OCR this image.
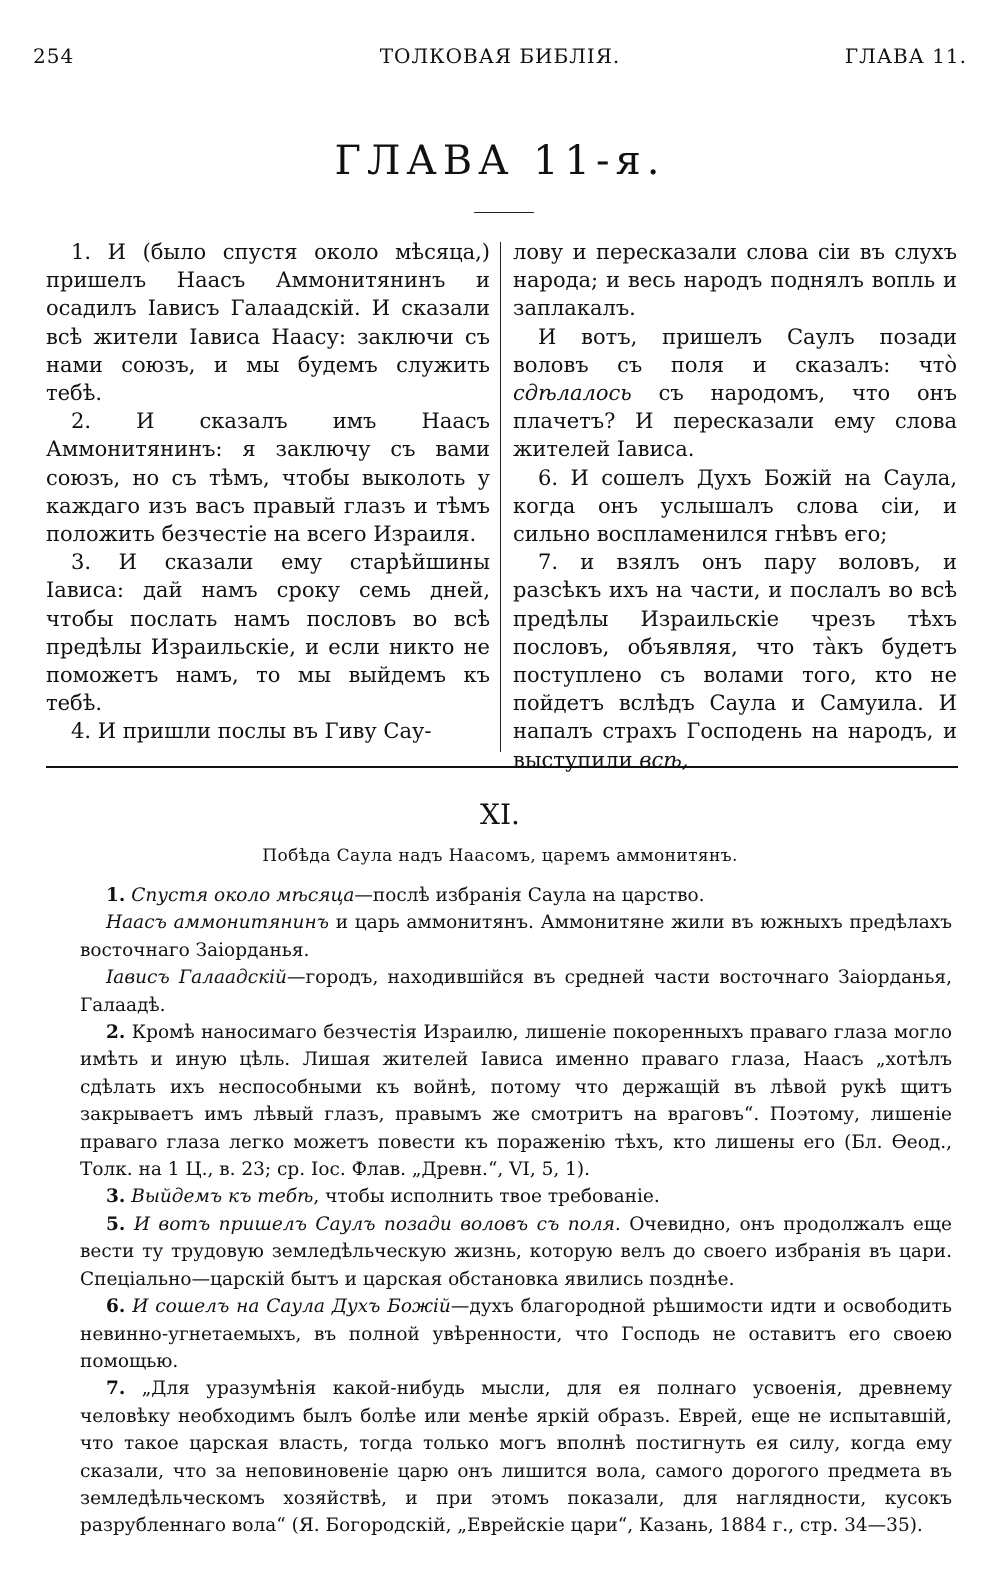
254	ТОЛКОВАЯ БИБЛІЯ.	ГЛАВА 11.
ГЛАВА 11-я.

1. И (было спустя около мѣсяца,) пришелъ Наасъ Аммонитянинъ и осадилъ Іависъ Галаадскій. И сказали всѣ жители Іависа Наасу: заключи съ нами союзъ, и мы будемъ служить тебѣ.

2. И сказалъ имъ Наасъ Аммонитянинъ: я заключу съ вами союзъ, но съ тѣмъ, чтобы выколоть у каждаго изъ васъ правый глазъ и тѣмъ положить безчестіе на всего Израиля.

3. И сказали ему старѣйшины Іависа: дай намъ сроку семь дней, чтобы послать намъ пословъ во всѣ предѣлы Израильскіе, и если никто не поможетъ намъ, то мы выйдемъ къ тебѣ.

4. И пришли послы въ Гиву Сау-

лову и пересказали слова сіи въ слухъ народа; и весь народъ поднялъ вопль и заплакалъ.

И вотъ, пришелъ Саулъ позади воловъ съ поля и сказалъ: что̀ сдѣлалось съ народомъ, что онъ плачетъ? И пересказали ему слова жителей Іависа.

6. И сошелъ Духъ Божій на Саула, когда онъ услышалъ слова сіи, и сильно воспламенился гнѣвъ его;

7. и взялъ онъ пару воловъ, и разсѣкъ ихъ на части, и послалъ во всѣ предѣлы Израильскіе чрезъ тѣхъ пословъ, объявляя, что та̀къ будетъ поступлено съ волами того, кто не пойдетъ вслѣдъ Саула и Самуила. И напалъ страхъ Господень на народъ, и выступили всѣ,

XI.
Побѣда Саула надъ Наасомъ, царемъ аммонитянъ.

1. Спустя около мѣсяца—послѣ избранія Саула на царство.

Наасъ аммонитянинъ и царь аммонитянъ. Аммонитяне жили въ южныхъ предѣлахъ восточнаго Заіорданья.

Іависъ Галаадскій—городъ, находившійся въ средней части восточнаго Заіорданья, Галаадѣ.

2. Кромѣ наносимаго безчестія Израилю, лишеніе покоренныхъ праваго глаза могло имѣть и иную цѣль. Лишая жителей Іависа именно праваго глаза, Наасъ „хотѣлъ сдѣлать ихъ неспособными къ войнѣ, потому что держащій въ лѣвой рукѣ щитъ закрываетъ имъ лѣвый глазъ, правымъ же смотритъ на враговъ“. Поэтому, лишеніе праваго глаза легко можетъ повести къ пораженію тѣхъ, кто лишены его (Бл. Ѳеод., Толк. на 1 Ц., в. 23; ср. Іос. Флав. „Древн.“, VI, 5, 1).

3. Выйдемъ къ тебѣ, чтобы исполнить твое требованіе.

5. И вотъ пришелъ Саулъ позади воловъ съ поля. Очевидно, онъ продолжалъ еще вести ту трудовую земледѣльческую жизнь, которую велъ до своего избранія въ цари. Спеціально—царскій бытъ и царская обстановка явились позднѣе.

6. И сошелъ на Саула Духъ Божій—духъ благородной рѣшимости идти и освободить невинно-угнетаемыхъ, въ полной увѣренности, что Господь не оставитъ его своею помощью.

7. „Для уразумѣнія какой-нибудь мысли, для ея полнаго усвоенія, древнему человѣку необходимъ былъ болѣе или менѣе яркій образъ. Еврей, еще не испытавшій, что такое царская власть, тогда только могъ вполнѣ постигнуть ея силу, когда ему сказали, что за неповиновеніе царю онъ лишится вола, самого дорогого предмета въ земледѣльческомъ хозяйствѣ, и при этомъ показали, для наглядности, кусокъ разрубленнаго вола“ (Я. Богородскій, „Еврейскіе цари“, Казань, 1884 г., стр. 34—35).
